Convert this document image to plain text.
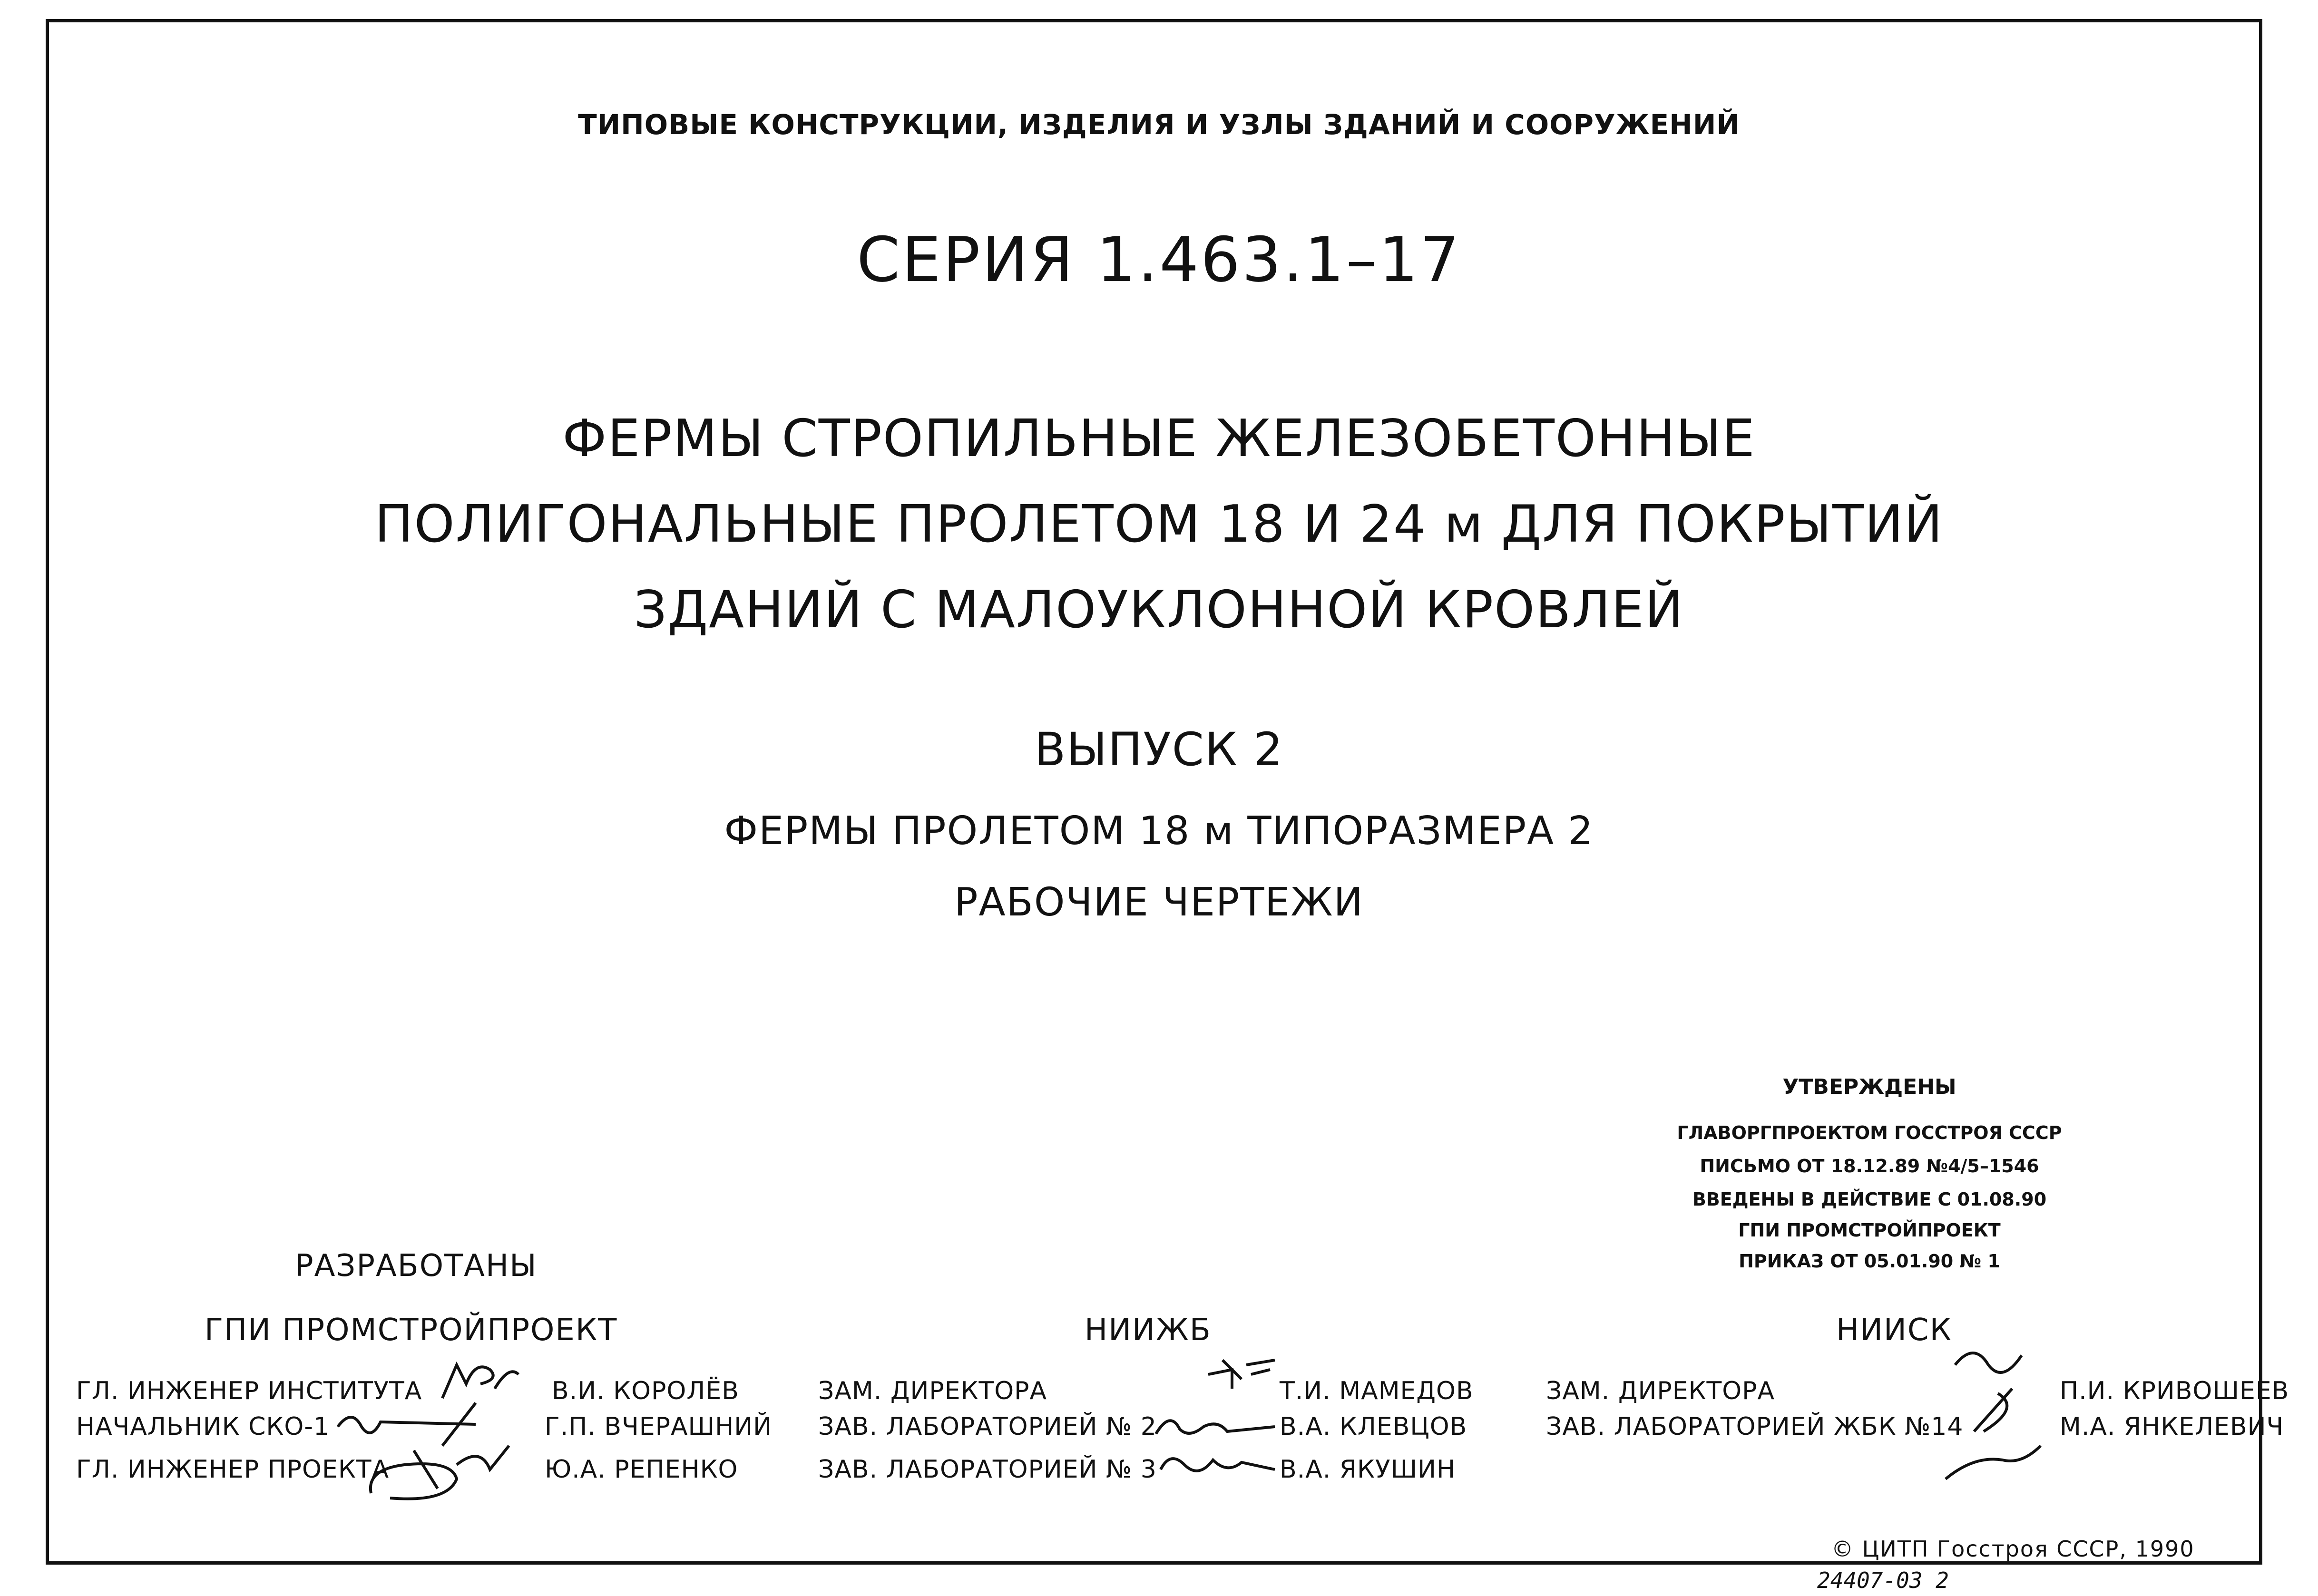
ТИПОВЫЕ КОНСТРУКЦИИ, ИЗДЕЛИЯ И УЗЛЫ ЗДАНИЙ И СООРУЖЕНИЙ
СЕРИЯ 1.463.1–17
ФЕРМЫ СТРОПИЛЬНЫЕ ЖЕЛЕЗОБЕТОННЫЕ
ПОЛИГОНАЛЬНЫЕ ПРОЛЕТОМ 18 И 24 м ДЛЯ ПОКРЫТИЙ
ЗДАНИЙ С МАЛОУКЛОННОЙ КРОВЛЕЙ
ВЫПУСК 2
ФЕРМЫ ПРОЛЕТОМ 18 м ТИПОРАЗМЕРА 2
РАБОЧИЕ ЧЕРТЕЖИ
УТВЕРЖДЕНЫ
ГЛАВОРГПРОЕКТОМ ГОССТРОЯ СССР
ПИСЬМО ОТ 18.12.89 №4/5–1546
ВВЕДЕНЫ В ДЕЙСТВИЕ С 01.08.90
ГПИ ПРОМСТРОЙПРОЕКТ
ПРИКАЗ ОТ 05.01.90 № 1
РАЗРАБОТАНЫ
ГПИ ПРОМСТРОЙПРОЕКТ
ГЛ. ИНЖЕНЕР ИНСТИТУТА
НАЧАЛЬНИК СКО-1
ГЛ. ИНЖЕНЕР ПРОЕКТА
В.И. КОРОЛЁВ
Г.П. ВЧЕРАШНИЙ
Ю.А. РЕПЕНКО
НИИЖБ
ЗАМ. ДИРЕКТОРА
ЗАВ. ЛАБОРАТОРИЕЙ № 2
ЗАВ. ЛАБОРАТОРИЕЙ № 3
Т.И. МАМЕДОВ
В.А. КЛЕВЦОВ
В.А. ЯКУШИН
НИИСК
ЗАМ. ДИРЕКТОРА
ЗАВ. ЛАБОРАТОРИЕЙ ЖБК №14
П.И. КРИВОШЕЕВ
М.А. ЯНКЕЛЕВИЧ
© ЦИТП Госстроя СССР, 1990
24407-03 2
